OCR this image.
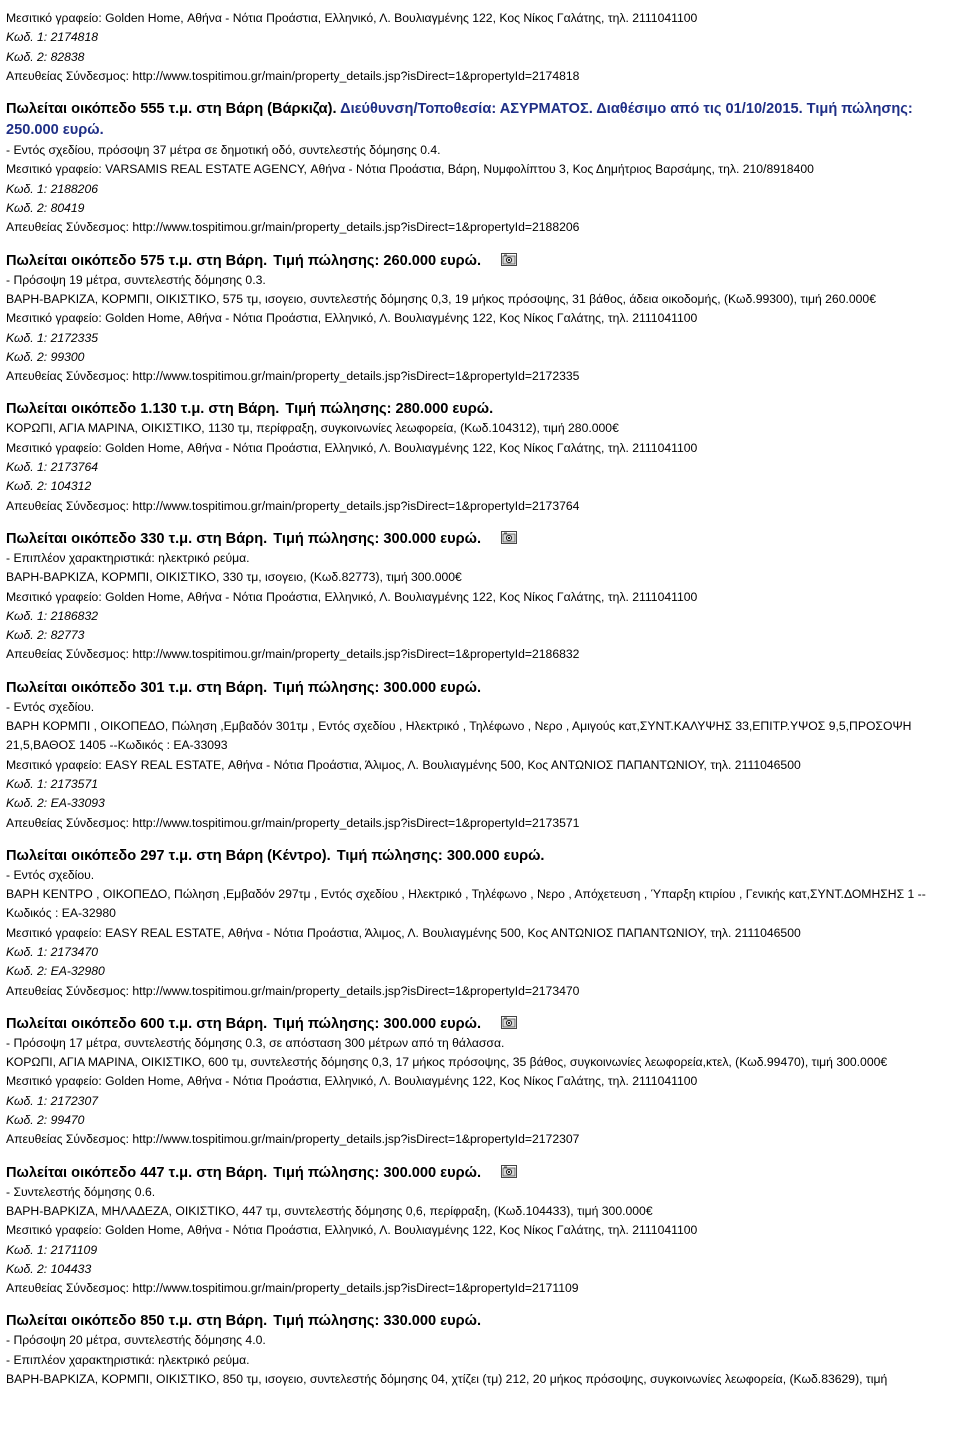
Μεσιτικό γραφείο: Golden Home, Αθήνα - Νότια Προάστια, Ελληνικό, Λ. Βουλιαγμένης 122, Κος Νίκος Γαλάτης, τηλ. 2111041100
Κωδ. 1: 2174818
Κωδ. 2: 82838
Απευθείας Σύνδεσμος: http://www.tospitimou.gr/main/property_details.jsp?isDirect=1&propertyId=2174818
Πωλείται οικόπεδο 555 τ.μ. στη Βάρη (Βάρκιζα). Διεύθυνση/Τοποθεσία: ΑΣΥΡΜΑΤΟΣ. Διαθέσιμο από τις 01/10/2015. Τιμή πώλησης: 250.000 ευρώ.
- Εντός σχεδίου, πρόσοψη 37 μέτρα σε δημοτική οδό, συντελεστής δόμησης 0.4.
Μεσιτικό γραφείο: VARSAMIS REAL ESTATE AGENCY, Αθήνα - Νότια Προάστια, Βάρη, Νυμφολίπτου 3, Κος Δημήτριος Βαρσάμης, τηλ. 210/8918400
Κωδ. 1: 2188206
Κωδ. 2: 80419
Απευθείας Σύνδεσμος: http://www.tospitimou.gr/main/property_details.jsp?isDirect=1&propertyId=2188206
Πωλείται οικόπεδο 575 τ.μ. στη Βάρη. Τιμή πώλησης: 260.000 ευρώ.
- Πρόσοψη 19 μέτρα, συντελεστής δόμησης 0.3.
ΒΑΡΗ-ΒΑΡΚΙΖΑ, ΚΟΡΜΠΙ, ΟΙΚΙΣΤΙΚΟ, 575 τμ, ισογειο, συντελεστής δόμησης 0,3, 19 μήκος πρόσοψης, 31 βάθος, άδεια οικοδομής, (Κωδ.99300), τιμή 260.000€
Μεσιτικό γραφείο: Golden Home, Αθήνα - Νότια Προάστια, Ελληνικό, Λ. Βουλιαγμένης 122, Κος Νίκος Γαλάτης, τηλ. 2111041100
Κωδ. 1: 2172335
Κωδ. 2: 99300
Απευθείας Σύνδεσμος: http://www.tospitimou.gr/main/property_details.jsp?isDirect=1&propertyId=2172335
Πωλείται οικόπεδο 1.130 τ.μ. στη Βάρη. Τιμή πώλησης: 280.000 ευρώ.
ΚΟΡΩΠΙ, ΑΓΙΑ ΜΑΡΙΝΑ, ΟΙΚΙΣΤΙΚΟ, 1130 τμ, περίφραξη, συγκοινωνίες λεωφορεία, (Κωδ.104312), τιμή 280.000€
Μεσιτικό γραφείο: Golden Home, Αθήνα - Νότια Προάστια, Ελληνικό, Λ. Βουλιαγμένης 122, Κος Νίκος Γαλάτης, τηλ. 2111041100
Κωδ. 1: 2173764
Κωδ. 2: 104312
Απευθείας Σύνδεσμος: http://www.tospitimou.gr/main/property_details.jsp?isDirect=1&propertyId=2173764
Πωλείται οικόπεδο 330 τ.μ. στη Βάρη. Τιμή πώλησης: 300.000 ευρώ.
- Επιπλέον χαρακτηριστικά: ηλεκτρικό ρεύμα.
ΒΑΡΗ-ΒΑΡΚΙΖΑ, ΚΟΡΜΠΙ, ΟΙΚΙΣΤΙΚΟ, 330 τμ, ισογειο, (Κωδ.82773), τιμή 300.000€
Μεσιτικό γραφείο: Golden Home, Αθήνα - Νότια Προάστια, Ελληνικό, Λ. Βουλιαγμένης 122, Κος Νίκος Γαλάτης, τηλ. 2111041100
Κωδ. 1: 2186832
Κωδ. 2: 82773
Απευθείας Σύνδεσμος: http://www.tospitimou.gr/main/property_details.jsp?isDirect=1&propertyId=2186832
Πωλείται οικόπεδο 301 τ.μ. στη Βάρη. Τιμή πώλησης: 300.000 ευρώ.
- Εντός σχεδίου.
ΒΑΡΗ ΚΟΡΜΠΙ , ΟΙΚΟΠΕΔΟ, Πώληση ,Εμβαδόν 301τμ , Εντός σχεδίου , Ηλεκτρικό , Τηλέφωνο , Νερο , Αμιγούς κατ,ΣΥΝΤ.ΚΑΛΥΨΗΣ 33,ΕΠΙΤΡ.ΥΨΟΣ 9,5,ΠΡΟΣΟΨΗ 21,5,ΒΑΘΟΣ 1405 --Κωδικός : ΕΑ-33093
Μεσιτικό γραφείο: EASY REAL ESTATE, Αθήνα - Νότια Προάστια, Άλιμος, Λ. Βουλιαγμένης 500, Κος ΑΝΤΩΝΙΟΣ ΠΑΠΑΝΤΩΝΙΟΥ, τηλ. 2111046500
Κωδ. 1: 2173571
Κωδ. 2: ΕΑ-33093
Απευθείας Σύνδεσμος: http://www.tospitimou.gr/main/property_details.jsp?isDirect=1&propertyId=2173571
Πωλείται οικόπεδο 297 τ.μ. στη Βάρη (Κέντρο). Τιμή πώλησης: 300.000 ευρώ.
- Εντός σχεδίου.
ΒΑΡΗ ΚΕΝΤΡΟ , ΟΙΚΟΠΕΔΟ, Πώληση ,Εμβαδόν 297τμ , Εντός σχεδίου , Ηλεκτρικό , Τηλέφωνο , Νερο , Απόχετευση , Ύπαρξη κτιρίου , Γενικής κατ,ΣΥΝΤ.ΔΟΜΗΣΗΣ 1 --Κωδικός : ΕΑ-32980
Μεσιτικό γραφείο: EASY REAL ESTATE, Αθήνα - Νότια Προάστια, Άλιμος, Λ. Βουλιαγμένης 500, Κος ΑΝΤΩΝΙΟΣ ΠΑΠΑΝΤΩΝΙΟΥ, τηλ. 2111046500
Κωδ. 1: 2173470
Κωδ. 2: ΕΑ-32980
Απευθείας Σύνδεσμος: http://www.tospitimou.gr/main/property_details.jsp?isDirect=1&propertyId=2173470
Πωλείται οικόπεδο 600 τ.μ. στη Βάρη. Τιμή πώλησης: 300.000 ευρώ.
- Πρόσοψη 17 μέτρα, συντελεστής δόμησης 0.3, σε απόσταση 300 μέτρων από τη θάλασσα.
ΚΟΡΩΠΙ, ΑΓΙΑ ΜΑΡΙΝΑ, ΟΙΚΙΣΤΙΚΟ, 600 τμ, συντελεστής δόμησης 0,3, 17 μήκος πρόσοψης, 35 βάθος, συγκοινωνίες λεωφορεία,κτελ, (Κωδ.99470), τιμή 300.000€
Μεσιτικό γραφείο: Golden Home, Αθήνα - Νότια Προάστια, Ελληνικό, Λ. Βουλιαγμένης 122, Κος Νίκος Γαλάτης, τηλ. 2111041100
Κωδ. 1: 2172307
Κωδ. 2: 99470
Απευθείας Σύνδεσμος: http://www.tospitimou.gr/main/property_details.jsp?isDirect=1&propertyId=2172307
Πωλείται οικόπεδο 447 τ.μ. στη Βάρη. Τιμή πώλησης: 300.000 ευρώ.
- Συντελεστής δόμησης 0.6.
ΒΑΡΗ-ΒΑΡΚΙΖΑ, ΜΗΛΑΔΕΖΑ, ΟΙΚΙΣΤΙΚΟ, 447 τμ, συντελεστής δόμησης 0,6, περίφραξη, (Κωδ.104433), τιμή 300.000€
Μεσιτικό γραφείο: Golden Home, Αθήνα - Νότια Προάστια, Ελληνικό, Λ. Βουλιαγμένης 122, Κος Νίκος Γαλάτης, τηλ. 2111041100
Κωδ. 1: 2171109
Κωδ. 2: 104433
Απευθείας Σύνδεσμος: http://www.tospitimou.gr/main/property_details.jsp?isDirect=1&propertyId=2171109
Πωλείται οικόπεδο 850 τ.μ. στη Βάρη. Τιμή πώλησης: 330.000 ευρώ.
- Πρόσοψη 20 μέτρα, συντελεστής δόμησης 4.0.
- Επιπλέον χαρακτηριστικά: ηλεκτρικό ρεύμα.
ΒΑΡΗ-ΒΑΡΚΙΖΑ, ΚΟΡΜΠΙ, ΟΙΚΙΣΤΙΚΟ, 850 τμ, ισογειο, συντελεστής δόμησης 04, χτίζει (τμ) 212, 20 μήκος πρόσοψης, συγκοινωνίες λεωφορεία, (Κωδ.83629), τιμή
